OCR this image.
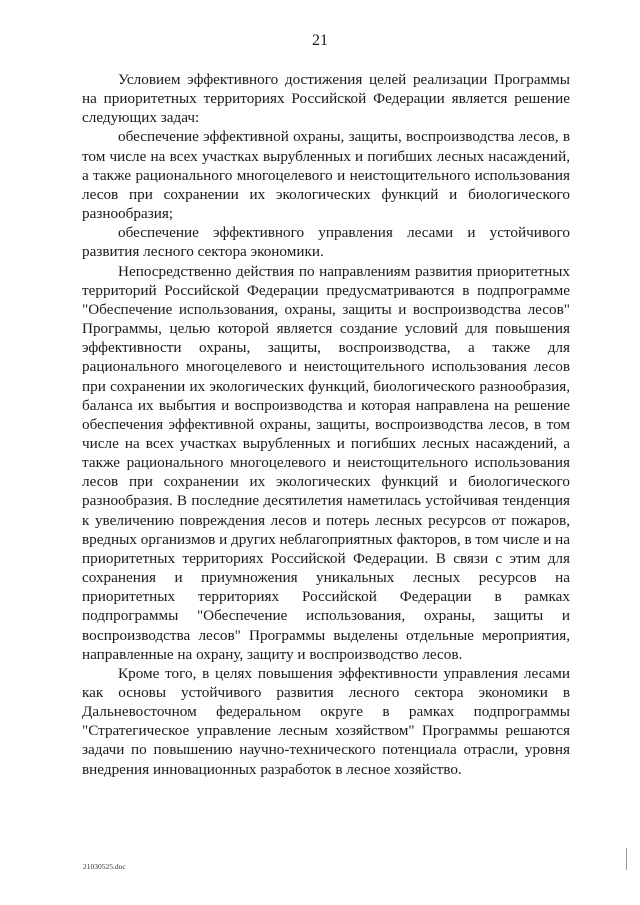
21

Условием эффективного достижения целей реализации Программы на приоритетных территориях Российской Федерации является решение следующих задач:

обеспечение эффективной охраны, защиты, воспроизводства лесов, в том числе на всех участках вырубленных и погибших лесных насаждений, а также рационального многоцелевого и неистощительного использования лесов при сохранении их экологических функций и биологического разнообразия;

обеспечение эффективного управления лесами и устойчивого развития лесного сектора экономики.

Непосредственно действия по направлениям развития приоритетных территорий Российской Федерации предусматриваются в подпрограмме "Обеспечение использования, охраны, защиты и воспроизводства лесов" Программы, целью которой является создание условий для повышения эффективности охраны, защиты, воспроизводства, а также для рационального многоцелевого и неистощительного использования лесов при сохранении их экологических функций, биологического разнообразия, баланса их выбытия и воспроизводства и которая направлена на решение обеспечения эффективной охраны, защиты, воспроизводства лесов, в том числе на всех участках вырубленных и погибших лесных насаждений, а также рационального многоцелевого и неистощительного использования лесов при сохранении их экологических функций и биологического разнообразия. В последние десятилетия наметилась устойчивая тенденция к увеличению повреждения лесов и потерь лесных ресурсов от пожаров, вредных организмов и других неблагоприятных факторов, в том числе и на приоритетных территориях Российской Федерации. В связи с этим для сохранения и приумножения уникальных лесных ресурсов на приоритетных территориях Российской Федерации в рамках подпрограммы "Обеспечение использования, охраны, защиты и воспроизводства лесов" Программы выделены отдельные мероприятия, направленные на охрану, защиту и воспроизводство лесов.

Кроме того, в целях повышения эффективности управления лесами как основы устойчивого развития лесного сектора экономики в Дальневосточном федеральном округе в рамках подпрограммы "Стратегическое управление лесным хозяйством" Программы решаются задачи по повышению научно-технического потенциала отрасли, уровня внедрения инновационных разработок в лесное хозяйство.

21030525.doc
